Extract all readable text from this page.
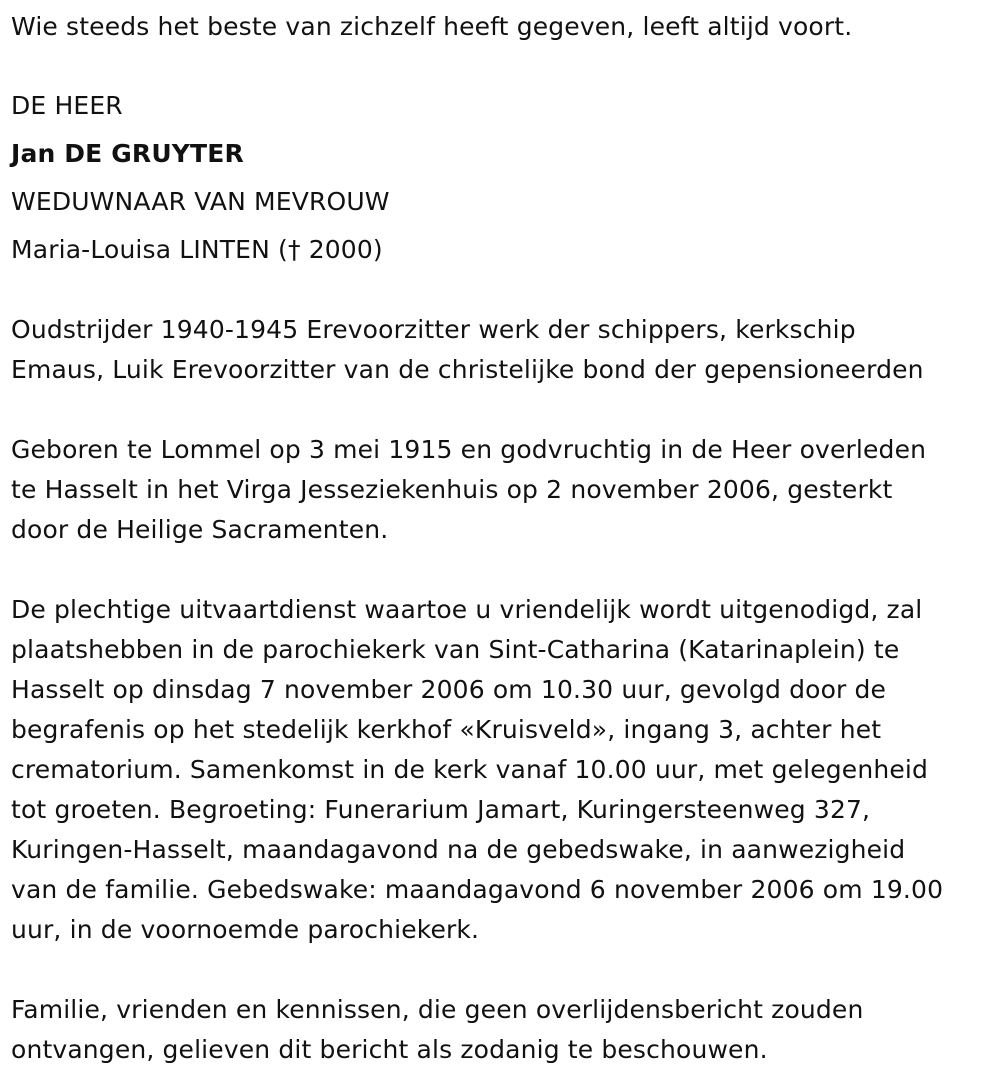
Wie steeds het beste van zichzelf heeft gegeven, leeft altijd voort.
DE HEER
Jan DE GRUYTER
WEDUWNAAR VAN MEVROUW
Maria-Louisa LINTEN († 2000)
Oudstrijder 1940-1945 Erevoorzitter werk der schippers, kerkschip
Emaus, Luik Erevoorzitter van de christelijke bond der gepensioneerden
Geboren te Lommel op 3 mei 1915 en godvruchtig in de Heer overleden
te Hasselt in het Virga Jesseziekenhuis op 2 november 2006, gesterkt
door de Heilige Sacramenten.
De plechtige uitvaartdienst waartoe u vriendelijk wordt uitgenodigd, zal
plaatshebben in de parochiekerk van Sint-Catharina (Katarinaplein) te
Hasselt op dinsdag 7 november 2006 om 10.30 uur, gevolgd door de
begrafenis op het stedelijk kerkhof «Kruisveld», ingang 3, achter het
crematorium. Samenkomst in de kerk vanaf 10.00 uur, met gelegenheid
tot groeten. Begroeting: Funerarium Jamart, Kuringersteenweg 327,
Kuringen-Hasselt, maandagavond na de gebedswake, in aanwezigheid
van de familie. Gebedswake: maandagavond 6 november 2006 om 19.00
uur, in de voornoemde parochiekerk.
Familie, vrienden en kennissen, die geen overlijdensbericht zouden
ontvangen, gelieven dit bericht als zodanig te beschouwen.
